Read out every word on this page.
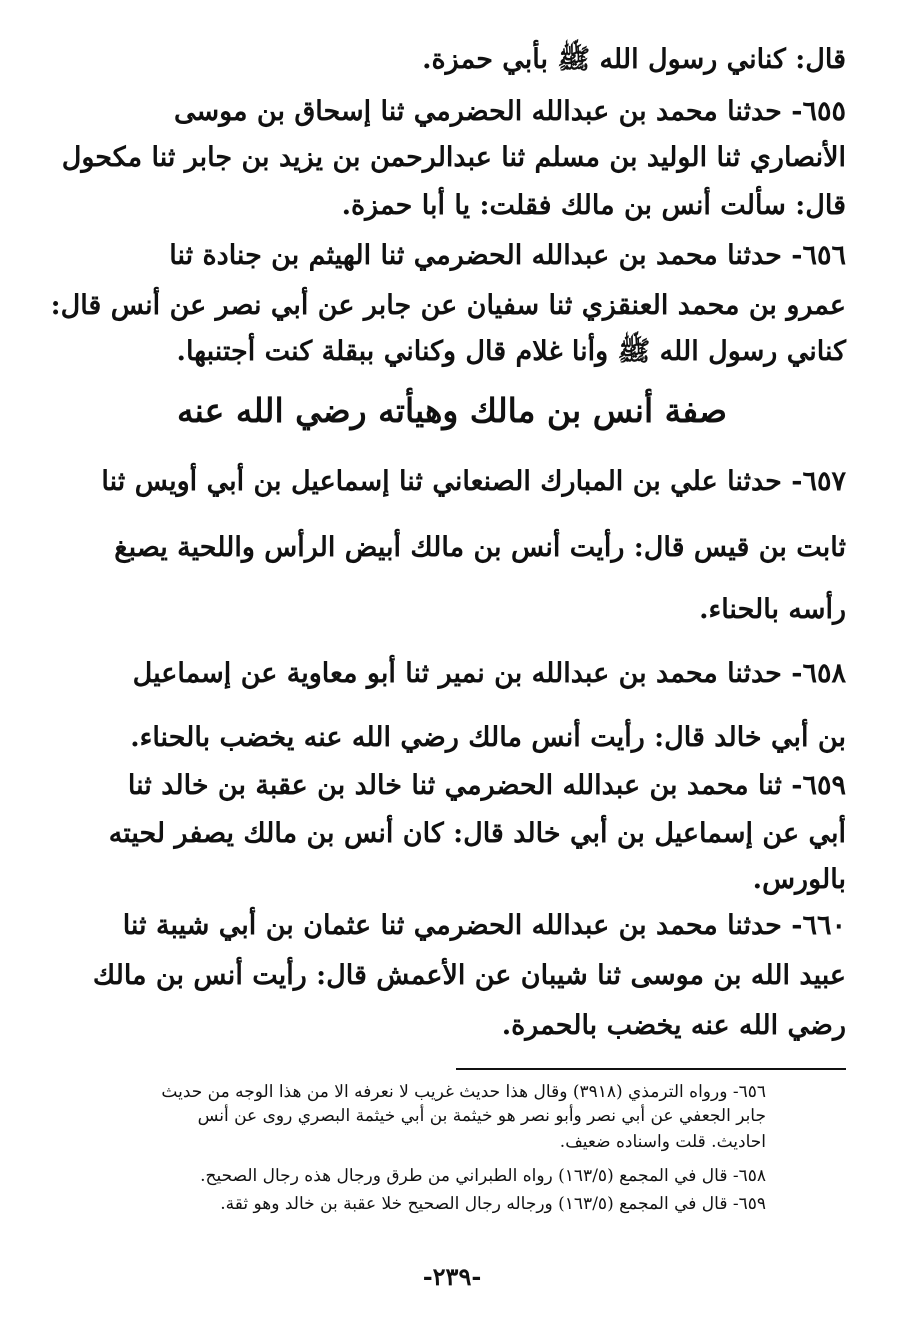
قال: كناني رسول الله ﷺ بأبي حمزة.
٦٥٥- حدثنا محمد بن عبدالله الحضرمي ثنا إسحاق بن موسى
الأنصاري ثنا الوليد بن مسلم ثنا عبدالرحمن بن يزيد بن جابر ثنا مكحول
قال: سألت أنس بن مالك فقلت: يا أبا حمزة.
٦٥٦- حدثنا محمد بن عبدالله الحضرمي ثنا الهيثم بن جنادة ثنا
عمرو بن محمد العنقزي ثنا سفيان عن جابر عن أبي نصر عن أنس قال:
كناني رسول الله ﷺ وأنا غلام قال وكناني ببقلة كنت أجتنبها.
صفة أنس بن مالك وهيأته رضي الله عنه
٦٥٧- حدثنا علي بن المبارك الصنعاني ثنا إسماعيل بن أبي أويس ثنا
ثابت بن قيس قال: رأيت أنس بن مالك أبيض الرأس واللحية يصبغ
رأسه بالحناء.
٦٥٨- حدثنا محمد بن عبدالله بن نمير ثنا أبو معاوية عن إسماعيل
بن أبي خالد قال: رأيت أنس مالك رضي الله عنه يخضب بالحناء.
٦٥٩- ثنا محمد بن عبدالله الحضرمي ثنا خالد بن عقبة بن خالد ثنا
أبي عن إسماعيل بن أبي خالد قال: كان أنس بن مالك يصفر لحيته
بالورس.
٦٦٠- حدثنا محمد بن عبدالله الحضرمي ثنا عثمان بن أبي شيبة ثنا
عبيد الله بن موسى ثنا شيبان عن الأعمش قال: رأيت أنس بن مالك
رضي الله عنه يخضب بالحمرة.
٦٥٦- ورواه الترمذي (٣٩١٨) وقال هذا حديث غريب لا نعرفه الا من هذا الوجه من حديث
جابر الجعفي عن أبي نصر وأبو نصر هو خيثمة بن أبي خيثمة البصري روى عن أنس
احاديث. قلت واسناده ضعيف.
٦٥٨- قال في المجمع (١٦٣/٥) رواه الطبراني من طرق ورجال هذه رجال الصحيح.
٦٥٩- قال في المجمع (١٦٣/٥) ورجاله رجال الصحيح خلا عقبة بن خالد وهو ثقة.
-٢٣٩-
